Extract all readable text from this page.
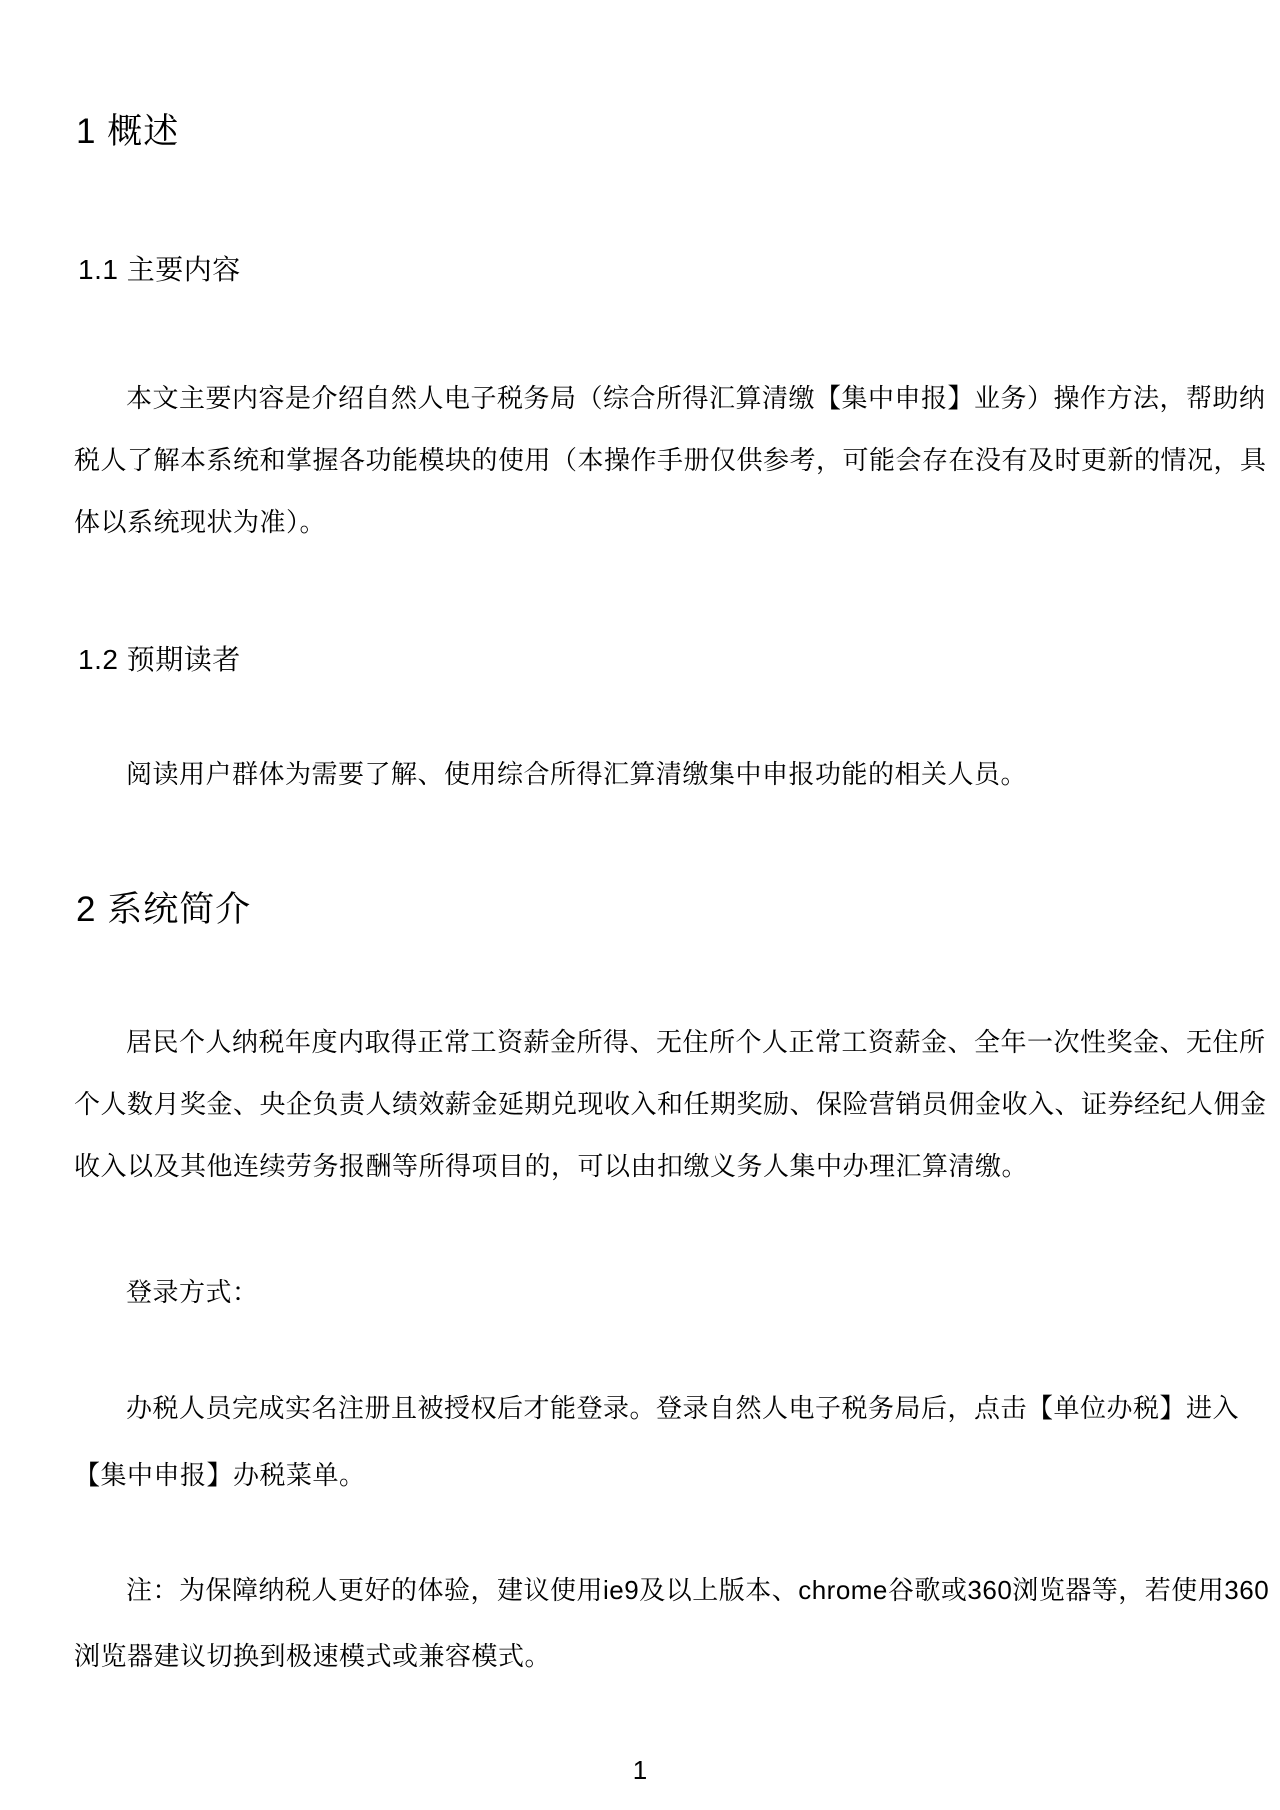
1 概述
1.1 主要内容
本文主要内容是介绍自然人电子税务局（综合所得汇算清缴【集中申报】业务）操作方法，帮助纳
税人了解本系统和掌握各功能模块的使用（本操作手册仅供参考，可能会存在没有及时更新的情况，具
体以系统现状为准）。
1.2 预期读者
阅读用户群体为需要了解、使用综合所得汇算清缴集中申报功能的相关人员。
2 系统简介
居民个人纳税年度内取得正常工资薪金所得、无住所个人正常工资薪金、全年一次性奖金、无住所
个人数月奖金、央企负责人绩效薪金延期兑现收入和任期奖励、保险营销员佣金收入、证券经纪人佣金
收入以及其他连续劳务报酬等所得项目的，可以由扣缴义务人集中办理汇算清缴。
登录方式：
办税人员完成实名注册且被授权后才能登录。登录自然人电子税务局后，点击【单位办税】进入
【集中申报】办税菜单。
注：为保障纳税人更好的体验，建议使用ie9及以上版本、chrome谷歌或360浏览器等，若使用360
浏览器建议切换到极速模式或兼容模式。
1
